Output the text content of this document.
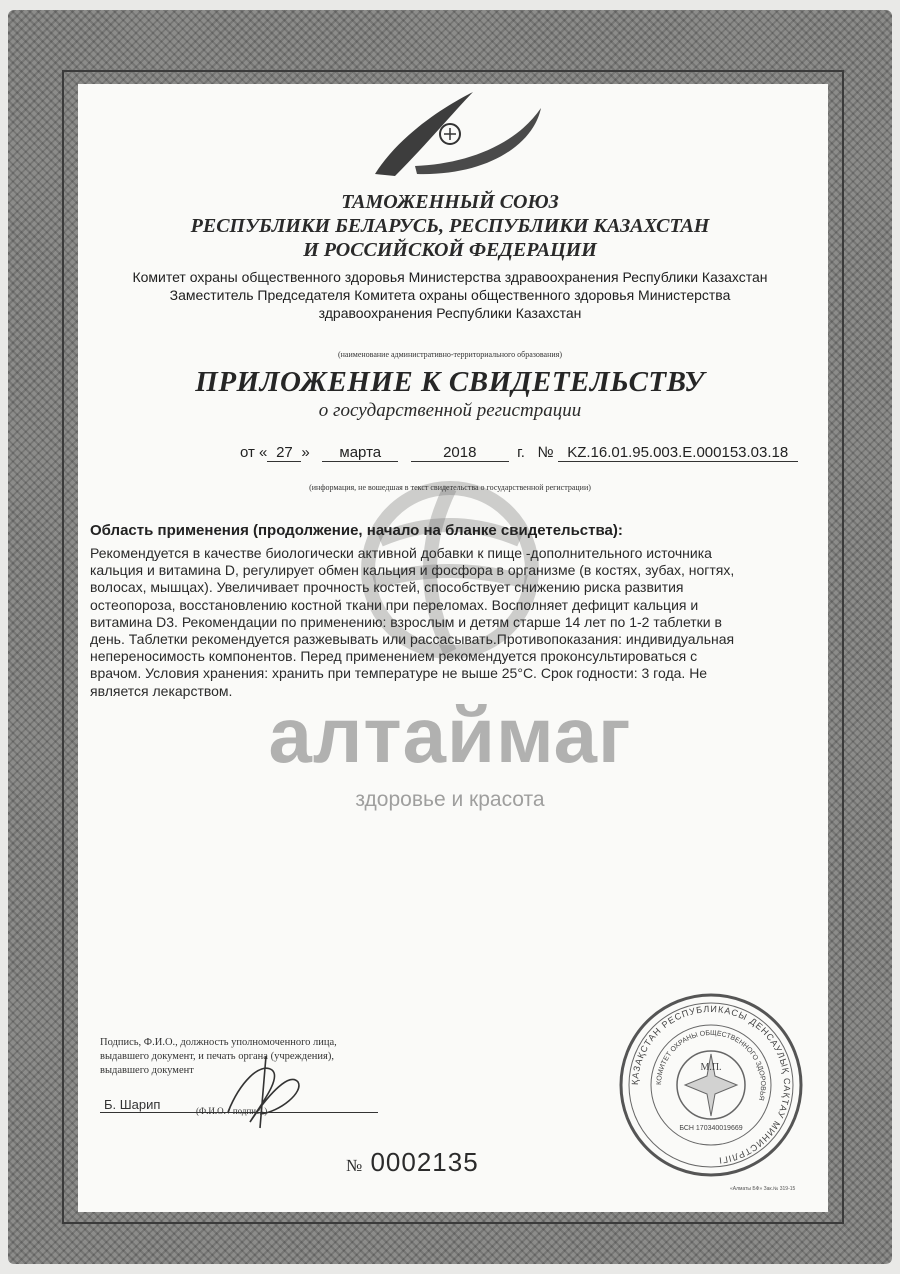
ТАМОЖЕННЫЙ СОЮЗ
РЕСПУБЛИКИ БЕЛАРУСЬ, РЕСПУБЛИКИ КАЗАХСТАН
И РОССИЙСКОЙ ФЕДЕРАЦИИ
Комитет охраны общественного здоровья Министерства здравоохранения Республики Казахстан
Заместитель Председателя Комитета охраны общественного здоровья Министерства
здравоохранения Республики Казахстан
(наименование административно-территориального образования)
ПРИЛОЖЕНИЕ К СВИДЕТЕЛЬСТВУ
о государственной регистрации
от « 27 » марта	2018	г. № KZ.16.01.95.003.Е.000153.03.18
(информация, не вошедшая в текст свидетельства о государственной регистрации)
Область применения (продолжение, начало на бланке свидетельства):
Рекомендуется в качестве биологически активной добавки к пище -дополнительного источника
кальция и витамина D, регулирует обмен кальция и фосфора в организме (в костях, зубах, ногтях,
волосах, мышцах). Увеличивает прочность костей, способствует снижению риска развития
остеопороза, восстановлению костной ткани при переломах. Восполняет дефицит кальция и
витамина D3. Рекомендации по применению: взрослым и детям старше 14 лет по 1-2 таблетки в
день. Таблетки рекомендуется разжевывать или рассасывать.Противопоказания: индивидуальная
непереносимость компонентов. Перед применением рекомендуется проконсультироваться с
врачом. Условия хранения: хранить при температуре не выше 25°С. Срок годности: 3 года. Не
является лекарством.
алтаймаг
здоровье и красота
Подпись, Ф.И.О., должность уполномоченного лица,
выдавшего документ, и печать органа (учреждения),
выдавшего документ
Б. Шарип	(Ф.И.О. / подпись)
№ 0002135
ҚАЗАҚСТАН РЕСПУБЛИКАСЫ ДЕНСАУЛЫҚ САҚТАУ МИНИСТРЛІГІ
КОМИТЕТ ОХРАНЫ ОБЩЕСТВЕННОГО ЗДОРОВЬЯ
БСН 170340019669
М.П.
«Алматы БФ» Зак.№ 319-15
